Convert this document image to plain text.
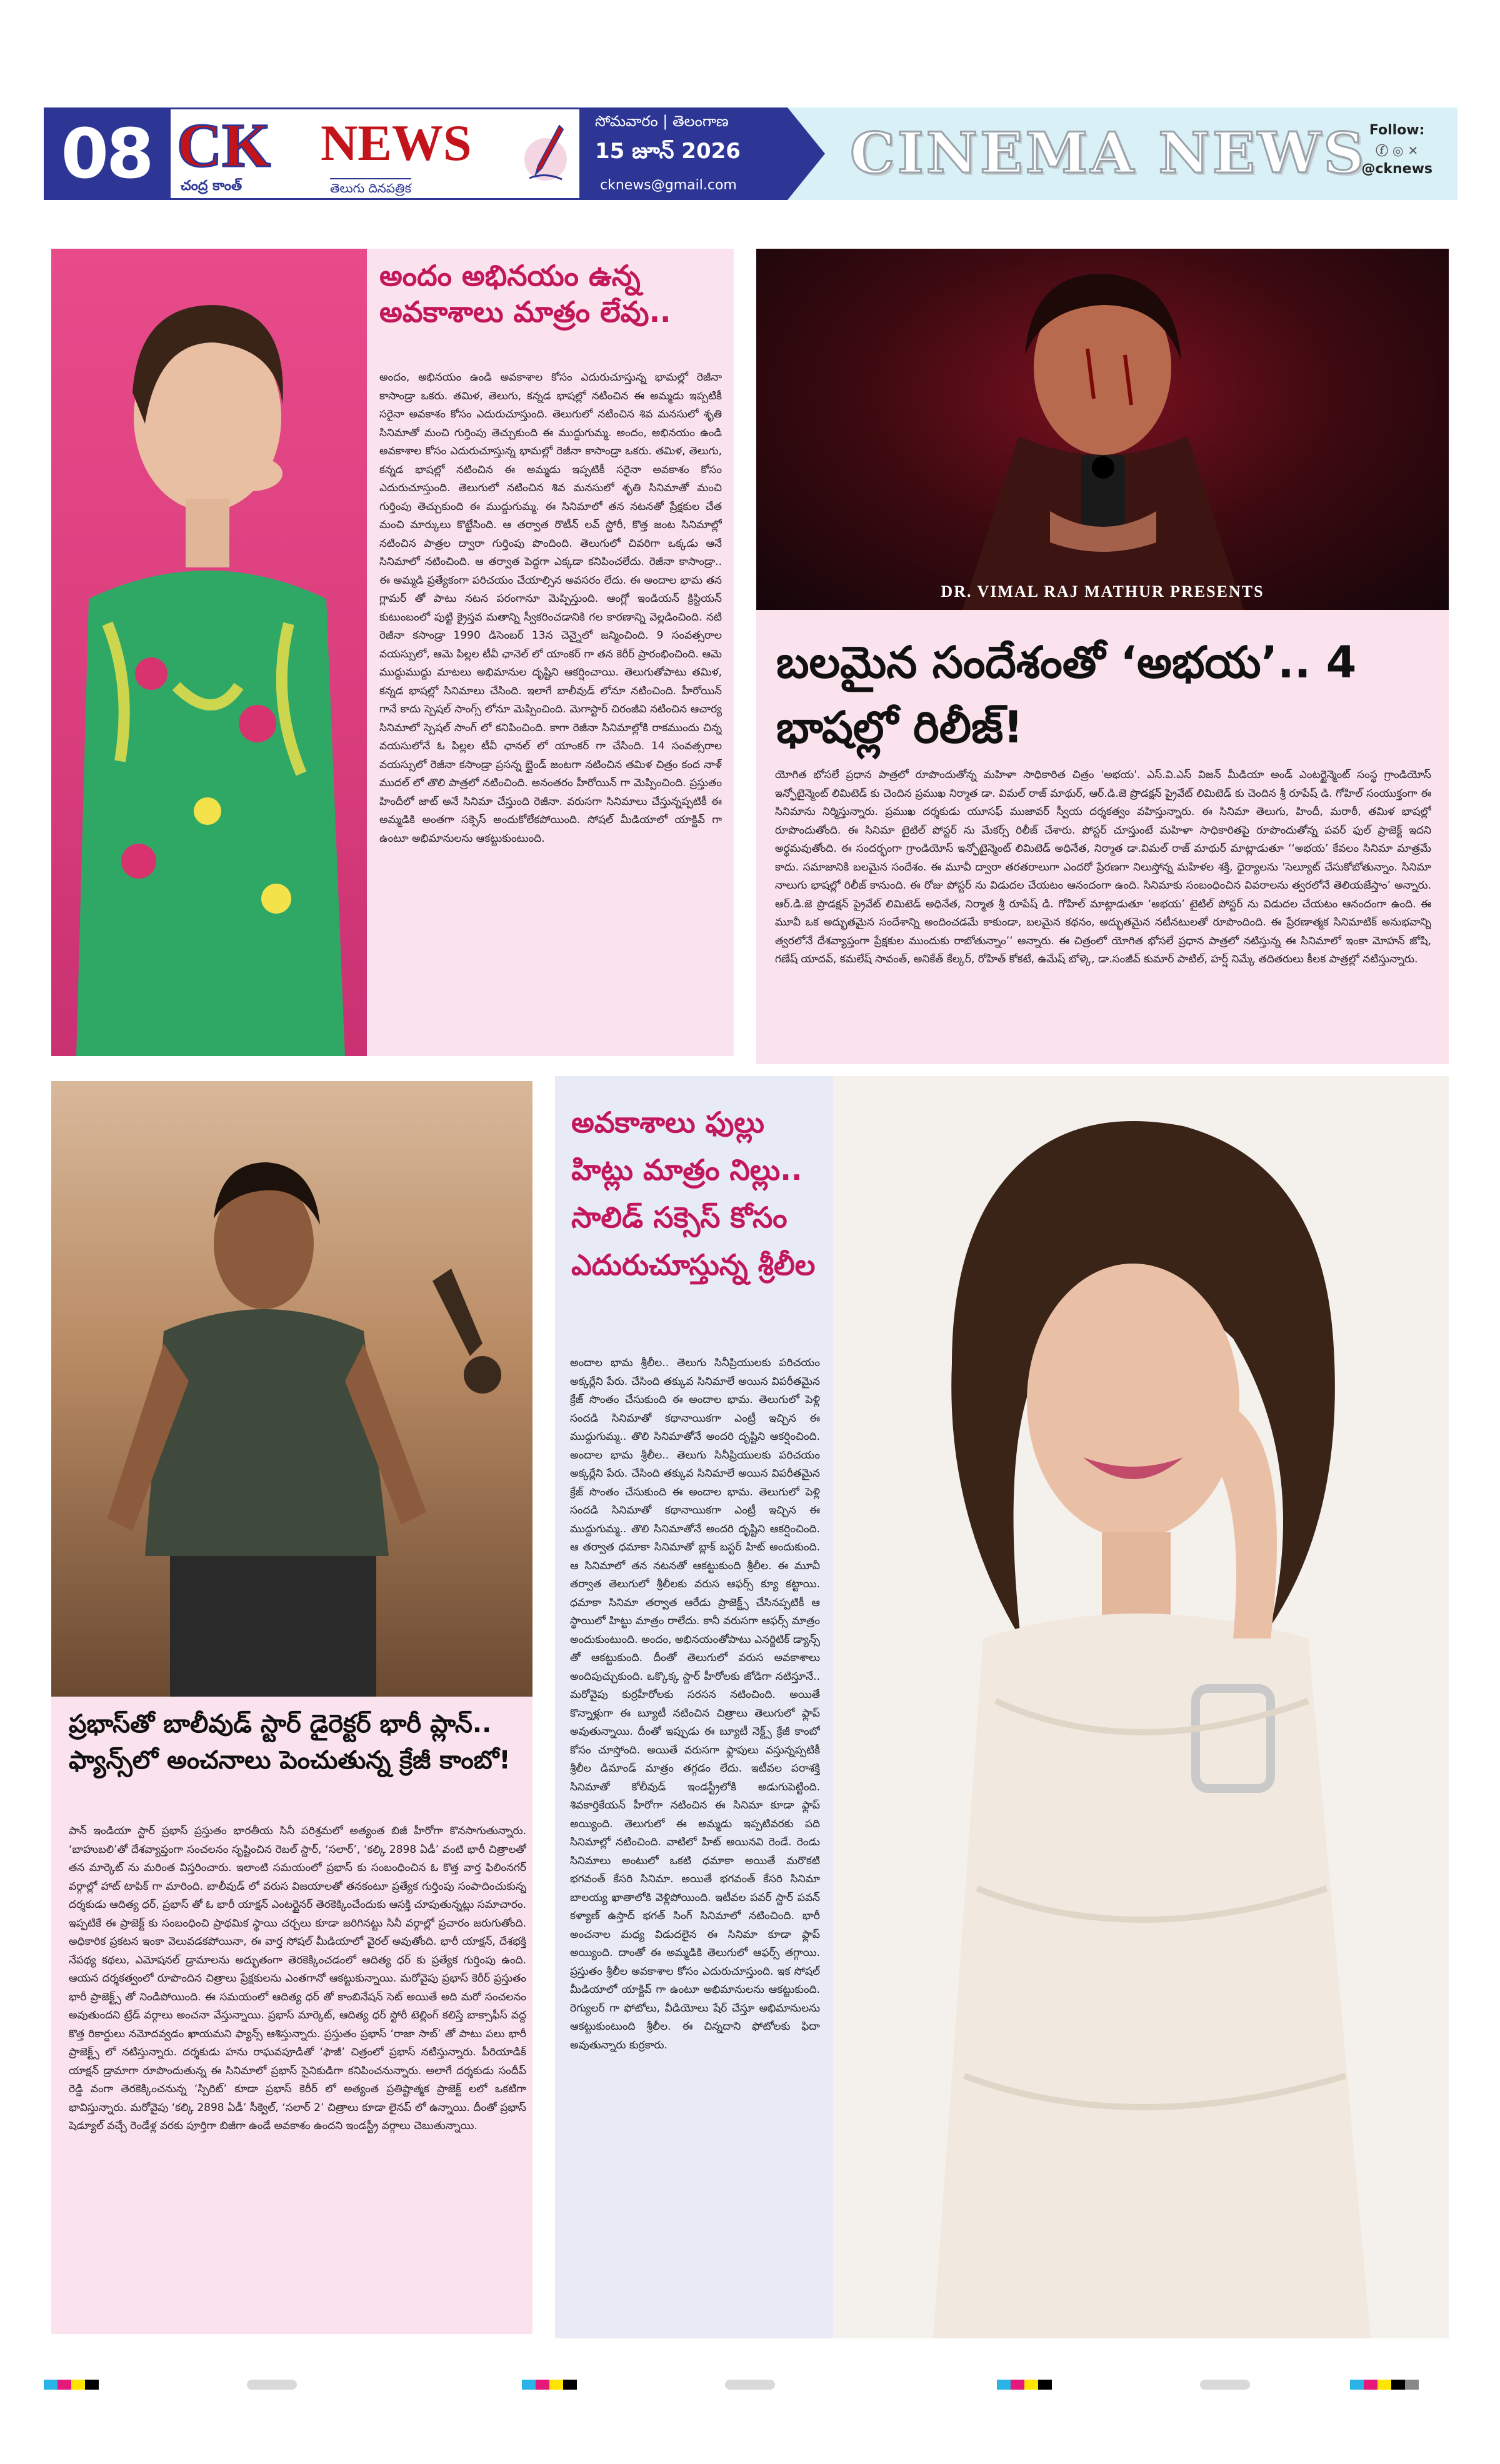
08 CK
చంద్ర కాంత్
NEWS
తెలుగు దినపత్రిక
సోమవారం | తెలంగాణ
15 జూన్ 2026
cknews@gmail.com CINEMA NEWS Follow:
ⓕ ◎ ✕
@cknews
అందం అభినయం ఉన్న అవకాశాలు మాత్రం లేవు..
అందం, అభినయం ఉండి అవకాశాల కోసం ఎదురుచూస్తున్న భామల్లో రెజీనా కాసాండ్రా ఒకరు. తమిళ, తెలుగు, కన్నడ భాషల్లో నటించిన ఈ అమ్మడు ఇప్పటికీ సరైనా అవకాశం కోసం ఎదురుచూస్తుంది. తెలుగులో నటించిన శివ మనసులో శృతి సినిమాతో మంచి గుర్తింపు తెచ్చుకుంది ఈ ముద్దుగుమ్మ. అందం, అభినయం ఉండి అవకాశాల కోసం ఎదురుచూస్తున్న భామల్లో రెజీనా కాసాండ్రా ఒకరు. తమిళ, తెలుగు, కన్నడ భాషల్లో నటించిన ఈ అమ్మడు ఇప్పటికీ సరైనా అవకాశం కోసం ఎదురుచూస్తుంది. తెలుగులో నటించిన శివ మనసులో శృతి సినిమాతో మంచి గుర్తింపు తెచ్చుకుంది ఈ ముద్దుగుమ్మ. ఈ సినిమాలో తన నటనతో ప్రేక్షకుల చేత మంచి మార్కులు కొట్టేసింది. ఆ తర్వాత రొటీన్ లవ్ స్టోరీ, కొత్త జంట సినిమాల్లో నటించిన పాత్రల ద్వారా గుర్తింపు పొందింది. తెలుగులో చివరిగా ఒక్కడు ఆనే సినిమాలో నటించింది. ఆ తర్వాత పెద్దగా ఎక్కడా కనిపించలేదు. రెజీనా కాసాండ్రా.. ఈ అమ్మడి ప్రత్యేకంగా పరిచయం చేయాల్సిన అవసరం లేదు. ఈ అందాల భామ తన గ్లామర్ తో పాటు నటన పరంగానూ మెప్పిస్తుంది. ఆంగ్లో ఇండియన్ క్రిస్టియన్ కుటుంబంలో పుట్టి క్రైస్తవ మతాన్ని స్వీకరించడానికి గల కారణాన్ని వెల్లడించింది. నటి రెజీనా కసాండ్రా 1990 డిసెంబర్ 13న చెన్నైలో జన్మించింది. 9 సంవత్సరాల వయస్సులో, ఆమె పిల్లల టీవీ ఛానెల్ లో యాంకర్ గా తన కెరీర్ ప్రారంభించింది. ఆమె ముద్దుముద్దు మాటలు అభిమానుల దృష్టిని ఆకర్షించాయి. తెలుగుతోపాటు తమిళ, కన్నడ భాషల్లో సినిమాలు చేసింది. ఇలాగే బాలీవుడ్ లోనూ నటించింది. హీరోయిన్ గానే కాదు స్పెషల్ సాంగ్స్ లోనూ మెప్పించింది. మెగాస్టార్ చిరంజీవి నటించిన ఆచార్య సినిమాలో స్పెషల్ సాంగ్ లో కనిపించింది. కాగా రెజీనా సినిమాల్లోకి రాకముందు చిన్న వయసులోనే ఓ పిల్లల టీవీ ఛానల్ లో యాంకర్ గా చేసింది. 14 సంవత్సరాల వయస్సులో రెజీనా కసాండ్రా ప్రసన్న బ్లైండ్ జంటగా నటించిన తమిళ చిత్రం కంద నాళ్ ముదల్ లో తొలి పాత్రలో నటించింది. అనంతరం హీరోయిన్ గా మెప్పించింది. ప్రస్తుతం హిందీలో జాట్ అనే సినిమా చేస్తుంది రెజీనా. వరుసగా సినిమాలు చేస్తున్నప్పటికీ ఈ అమ్మడికి అంతగా సక్సెస్ అందుకోలేకపోయింది. సోషల్ మీడియాలో యాక్టివ్ గా ఉంటూ అభిమానులను ఆకట్టుకుంటుంది.
DR. VIMAL RAJ MATHUR PRESENTS
బలమైన సందేశంతో ‘అభయ’.. 4 భాషల్లో రిలీజ్!
యోగిత భోసలే ప్రధాన పాత్రలో రూపొందుతోన్న మహిళా సాధికారిత చిత్రం 'అభయ'. ఎస్.వి.ఎస్ విజన్ మీడియా అండ్ ఎంటర్టైన్మెంట్ సంస్థ గ్రాండియోస్ ఇన్ఫోటైన్మెంట్ లిమిటెడ్ కు చెందిన ప్రముఖ నిర్మాత డా. విమల్ రాజ్ మాథుర్, ఆర్.డి.జె ప్రొడక్షన్ ప్రైవేట్ లిమిటెడ్ కు చెందిన శ్రీ రూపేష్ డి. గోహిల్ సంయుక్తంగా ఈ సినిమాను నిర్మిస్తున్నారు. ప్రముఖ దర్శకుడు యూసఫ్ ముజావర్ స్వీయ దర్శకత్వం వహిస్తున్నారు. ఈ సినిమా తెలుగు, హిందీ, మరాఠీ, తమిళ భాషల్లో రూపొందుతోంది. ఈ సినిమా టైటిల్ పోస్టర్ ను మేకర్స్ రిలీజ్ చేశారు. పోస్టర్ చూస్తుంటే మహిళా సాధికారితపై రూపొందుతోన్న పవర్ ఫుల్ ప్రాజెక్ట్ ఇదని అర్థమవుతోంది. ఈ సందర్భంగా గ్రాండియోస్ ఇన్ఫోటైన్మెంట్ లిమిటెడ్ అధినేత, నిర్మాత డా.విమల్ రాజ్ మాథుర్ మాట్లాడుతూ ‘‘అభయ’ కేవలం సినిమా మాత్రమే కాదు. సమాజానికి బలమైన సందేశం. ఈ మూవీ ద్వారా తరతరాలుగా ఎందరో ప్రేరణగా నిలుస్తోన్న మహిళల శక్తి, ధైర్యాలను 'సెల్యూట్ చేసుకోబోతున్నాం. సినిమా నాలుగు భాషల్లో రిలీజ్ కానుంది. ఈ రోజు పోస్టర్ ను విడుదల చేయటం ఆనందంగా ఉంది. సినిమాకు సంబంధించిన వివరాలను త్వరలోనే తెలియజేస్తాం’ అన్నారు. ఆర్.డి.జె ప్రొడక్షన్ ప్రైవేట్ లిమిటెడ్ అధినేత, నిర్మాత శ్రీ రూపేష్ డి. గోహిల్ మాట్లాడుతూ ‘అభయ’ టైటిల్ పోస్టర్ ను విడుదల చేయటం ఆనందంగా ఉంది. ఈ మూవీ ఒక అద్భుతమైన సందేశాన్ని అందించడమే కాకుండా, బలమైన కథనం, అద్భుతమైన నటీనటులతో రూపొందింది. ఈ ప్రేరణాత్మక సినిమాటిక్ అనుభవాన్ని త్వరలోనే దేశవ్యాప్తంగా ప్రేక్షకుల ముందుకు రాబోతున్నాం’’ అన్నారు. ఈ చిత్రంలో యోగిత భోసలే ప్రధాన పాత్రలో నటిస్తున్న ఈ సినిమాలో ఇంకా మోహన్ జోషి, గణేష్ యాదవ్, కమలేష్ సావంత్, అనికేత్ కేల్కర్, రోహిత్ కోకటే, ఉమేష్ బోళ్కె, డా.సంజీవ్ కుమార్ పాటిల్, హర్ష్ నిమ్కే తదితరులు కీలక పాత్రల్లో నటిస్తున్నారు.
ప్రభాస్‌తో బాలీవుడ్ స్టార్ డైరెక్టర్ భారీ ప్లాన్.. ఫ్యాన్స్‌లో అంచనాలు పెంచుతున్న క్రేజీ కాంబో!
పాన్ ఇండియా స్టార్ ప్రభాస్ ప్రస్తుతం భారతీయ సినీ పరిశ్రమలో అత్యంత బిజీ హీరోగా కొనసాగుతున్నారు. ‘బాహుబలి’తో దేశవ్యాప్తంగా సంచలనం సృష్టించిన రెబల్ స్టార్, ‘సలార్’, ‘కల్కి 2898 ఏడీ’ వంటి భారీ చిత్రాలతో తన మార్కెట్ ను మరింత విస్తరించారు. ఇలాంటి సమయంలో ప్రభాస్ కు సంబంధించిన ఓ కొత్త వార్త ఫిలింనగర్ వర్గాల్లో హాట్ టాపిక్ గా మారింది. బాలీవుడ్ లో వరుస విజయాలతో తనకంటూ ప్రత్యేక గుర్తింపు సంపాదించుకున్న దర్శకుడు ఆదిత్య ధర్, ప్రభాస్ తో ఓ భారీ యాక్షన్ ఎంటర్టైనర్ తెరకెక్కించేందుకు ఆసక్తి చూపుతున్నట్లు సమాచారం. ఇప్పటికే ఈ ప్రాజెక్ట్ కు సంబంధించి ప్రాథమిక స్థాయి చర్చలు కూడా జరిగినట్టు సినీ వర్గాల్లో ప్రచారం జరుగుతోంది. అధికారిక ప్రకటన ఇంకా వెలువడకపోయినా, ఈ వార్త సోషల్ మీడియాలో వైరల్ అవుతోంది. భారీ యాక్షన్, దేశభక్తి నేపథ్య కథలు, ఎమోషనల్ డ్రామాలను అద్భుతంగా తెరకెక్కించడంలో ఆదిత్య ధర్ కు ప్రత్యేక గుర్తింపు ఉంది. ఆయన దర్శకత్వంలో రూపొందిన చిత్రాలు ప్రేక్షకులను ఎంతగానో ఆకట్టుకున్నాయి. మరోవైపు ప్రభాస్ కెరీర్ ప్రస్తుతం భారీ ప్రాజెక్ట్స్ తో నిండిపోయింది. ఈ సమయంలో ఆదిత్య ధర్ తో కాంబినేషన్ సెట్ అయితే అది మరో సంచలనం అవుతుందని ట్రేడ్ వర్గాలు అంచనా వేస్తున్నాయి. ప్రభాస్ మార్కెట్, ఆదిత్య ధర్ స్టోరీ టెల్లింగ్ కలిస్తే బాక్సాఫీస్ వద్ద కొత్త రికార్డులు నమోదవ్వడం ఖాయమని ఫ్యాన్స్ ఆశిస్తున్నారు. ప్రస్తుతం ప్రభాస్ ‘రాజా సాబ్’ తో పాటు పలు భారీ ప్రాజెక్ట్స్ లో నటిస్తున్నారు. దర్శకుడు హను రాఘవపూడితో ‘ఫౌజీ’ చిత్రంలో ప్రభాస్ నటిస్తున్నారు. పీరియాడిక్ యాక్షన్ డ్రామాగా రూపొందుతున్న ఈ సినిమాలో ప్రభాస్ సైనికుడిగా కనిపించనున్నారు. అలాగే దర్శకుడు సందీప్ రెడ్డి వంగా తెరకెక్కించనున్న ‘స్పిరిట్’ కూడా ప్రభాస్ కెరీర్ లో అత్యంత ప్రతిష్టాత్మక ప్రాజెక్ట్ లలో ఒకటిగా భావిస్తున్నారు. మరోవైపు ‘కల్కి 2898 ఏడీ’ సీక్వెల్, ‘సలార్ 2’ చిత్రాలు కూడా లైనప్ లో ఉన్నాయి. దీంతో ప్రభాస్ షెడ్యూల్ వచ్చే రెండేళ్ల వరకు పూర్తిగా బిజీగా ఉండే అవకాశం ఉందని ఇండస్ట్రీ వర్గాలు చెబుతున్నాయి.
అవకాశాలు ఫుల్లు హిట్లు మాత్రం నిల్లు.. సాలిడ్ సక్సెస్ కోసం ఎదురుచూస్తున్న శ్రీలీల
అందాల భామ శ్రీలీల.. తెలుగు సినీప్రియులకు పరిచయం అక్కర్లేని పేరు. చేసింది తక్కువ సినిమాలే అయిన విపరీతమైన క్రేజ్ సొంతం చేసుకుంది ఈ అందాల భామ. తెలుగులో పెళ్లి సందడి సినిమాతో కథానాయికగా ఎంట్రీ ఇచ్చిన ఈ ముద్దుగుమ్మ.. తొలి సినిమాతోనే అందరి దృష్టిని ఆకర్షించింది. అందాల భామ శ్రీలీల.. తెలుగు సినీప్రియులకు పరిచయం అక్కర్లేని పేరు. చేసింది తక్కువ సినిమాలే అయిన విపరీతమైన క్రేజ్ సొంతం చేసుకుంది ఈ అందాల భామ. తెలుగులో పెళ్లి సందడి సినిమాతో కథానాయికగా ఎంట్రీ ఇచ్చిన ఈ ముద్దుగుమ్మ.. తొలి సినిమాతోనే అందరి దృష్టిని ఆకర్షించింది. ఆ తర్వాత ధమాకా సినిమాతో బ్లాక్ బస్టర్ హిట్ అందుకుంది. ఆ సినిమాలో తన నటనతో ఆకట్టుకుంది శ్రీలీల. ఈ మూవీ తర్వాత తెలుగులో శ్రీలీలకు వరుస ఆఫర్స్ క్యూ కట్టాయి. ధమాకా సినిమా తర్వాత ఆరేడు ప్రాజెక్ట్స్ చేసినప్పటికీ ఆ స్థాయిలో హిట్టు మాత్రం రాలేదు. కానీ వరుసగా ఆఫర్స్ మాత్రం అందుకుంటుంది. అందం, అభినయంతోపాటు ఎనర్జిటిక్ డ్యాన్స్ తో ఆకట్టుకుంది. దీంతో తెలుగులో వరుస అవకాశాలు అందిపుచ్చుకుంది. ఒక్కొక్క స్టార్ హీరోలకు జోడిగా నటిస్తూనే.. మరోవైపు కుర్రహీరోలకు సరసన నటించింది. అయితే కొన్నాళ్లుగా ఈ బ్యూటీ నటించిన చిత్రాలు తెలుగులో ఫ్లాప్ అవుతున్నాయి. దీంతో ఇప్పుడు ఈ బ్యూటీ నెక్ట్స్ క్రేజీ కాంబో కోసం చూస్తోంది. అయితే వరుసగా ఫ్లాపులు వస్తున్నప్పటికీ శ్రీలీల డిమాండ్ మాత్రం తగ్గడం లేదు. ఇటీవల పరాశక్తి సినిమాతో కోలీవుడ్ ఇండస్ట్రీలోకి అడుగుపెట్టింది. శివకార్తికేయన్ హీరోగా నటించిన ఈ సినిమా కూడా ఫ్లాప్ అయ్యింది. తెలుగులో ఈ అమ్మడు ఇప్పటివరకు పది సినిమాల్లో నటించింది. వాటిలో హిట్ అయినవి రెండే. రెండు సినిమాలు అంటులో ఒకటి ధమాకా అయితే మరొకటి భగవంత్ కేసరి సినిమా. అయితే భగవంత్ కేసరి సినిమా బాలయ్య ఖాతాలోకి వెళ్లిపోయింది. ఇటీవల పవర్ స్టార్ పవన్ కళ్యాణ్ ఉస్తాద్ భగత్ సింగ్ సినిమాలో నటించింది. భారీ అంచనాల మధ్య విడుదలైన ఈ సినిమా కూడా ఫ్లాప్ అయ్యింది. దాంతో ఈ అమ్మడికి తెలుగులో ఆఫర్స్ తగ్గాయి. ప్రస్తుతం శ్రీలీల అవకాశాల కోసం ఎదురుచూస్తుంది. ఇక సోషల్ మీడియాలో యాక్టివ్ గా ఉంటూ అభిమానులను ఆకట్టుకుంది. రెగ్యులర్ గా ఫోటోలు, వీడియోలు షేర్ చేస్తూ అభిమానులను ఆకట్టుకుంటుంది శ్రీలీల. ఈ చిన్నదాని ఫోటోలకు ఫిదా అవుతున్నారు కుర్రకారు.
